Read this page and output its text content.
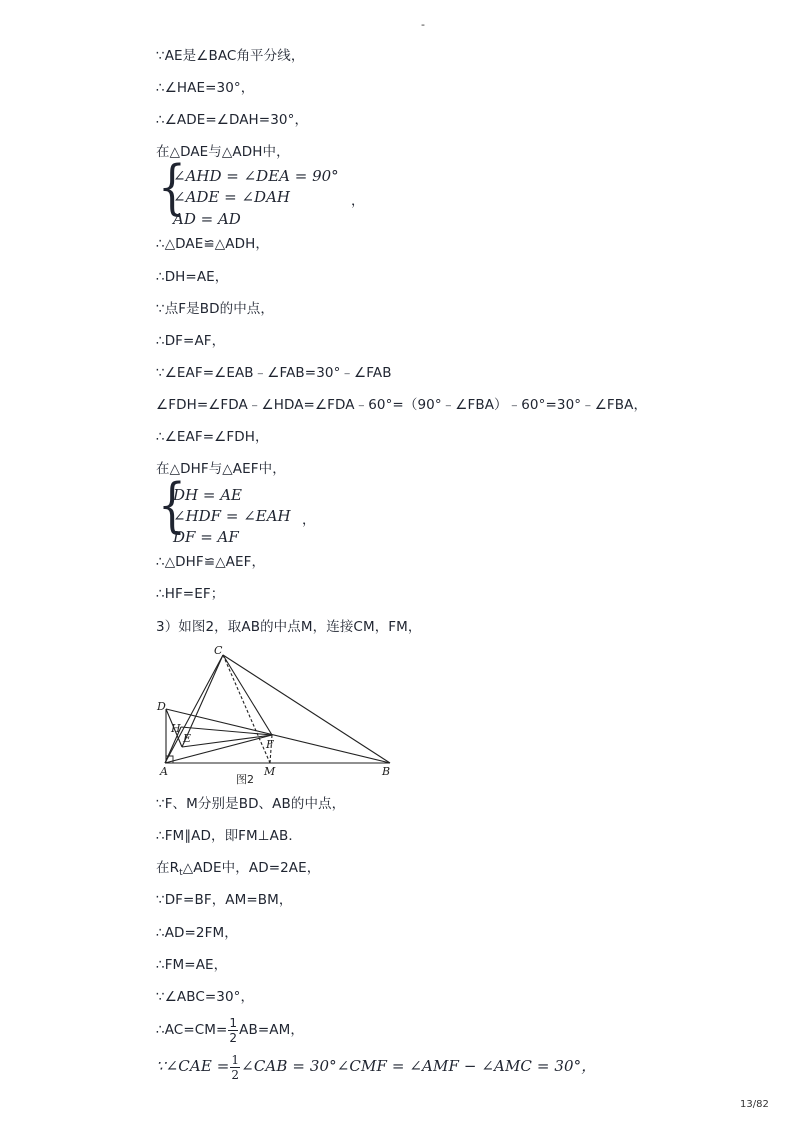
-
∵AE是∠BAC角平分线，
∴∠HAE=30°，
∴∠ADE=∠DAH=30°，
在△DAE与△ADH中，
{
∠AHD = ∠DEA = 90°
∠ADE = ∠DAH
AD = AD
，
∴△DAE≌△ADH，
∴DH=AE，
∵点F是BD的中点，
∴DF=AF，
∵∠EAF=∠EAB﹣∠FAB=30°﹣∠FAB
∠FDH=∠FDA﹣∠HDA=∠FDA﹣60°=（90°﹣∠FBA）﹣60°=30°﹣∠FBA，
∴∠EAF=∠FDH，
在△DHF与△AEF中，
{
DH = AE
∠HDF = ∠EAH
DF = AF
，
∴△DHF≌△AEF，
∴HF=EF；
3）如图2，取AB的中点M，连接CM，FM，
C
D
H
E	F
A	M	B
图2
∵F、M分别是BD、AB的中点，
∴FM∥AD，即FM⊥AB．
在$R_t\triangle ADE$中，AD=2AE，
∵DF=BF，AM=BM，
∴AD=2FM，
∴FM=AE，
∵∠ABC=30°，
∴AC=CM= $\frac{1}{2} AB=AM$，
∵∠CAE = $\frac{1}{2}$ ∠CAB = 30°∠CMF = ∠AMF − ∠AMC = 30°，
13/82
